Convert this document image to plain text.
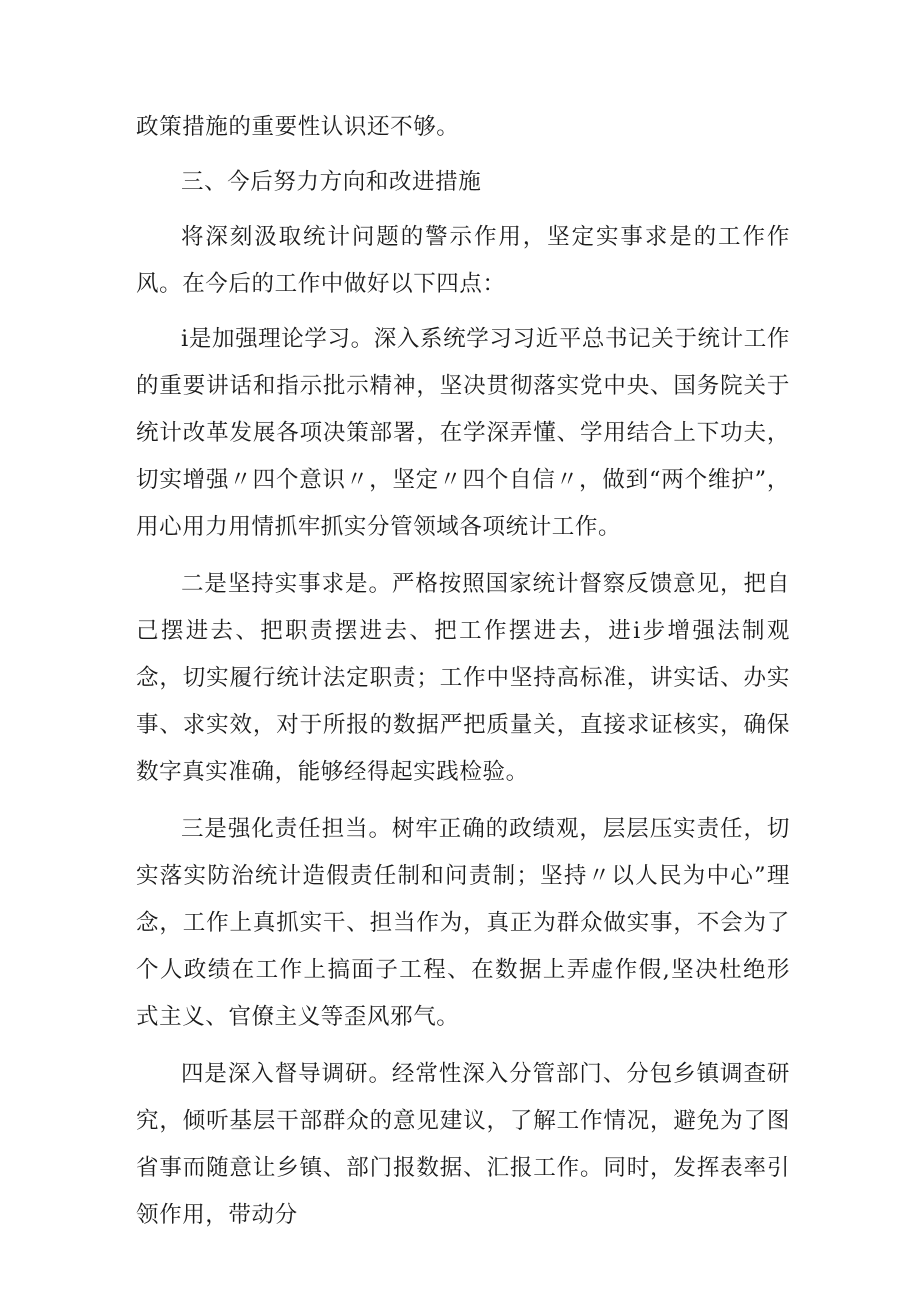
政策措施的重要性认识还不够。

三、今后努力方向和改进措施

将深刻汲取统计问题的警示作用，坚定实事求是的工作作风。在今后的工作中做好以下四点：

i是加强理论学习。深入系统学习习近平总书记关于统计工作的重要讲话和指示批示精神，坚决贯彻落实党中央、国务院关于统计改革发展各项决策部署，在学深弄懂、学用结合上下功夫，切实增强〃四个意识〃，坚定〃四个自信〃，做到“两个维护”，用心用力用情抓牢抓实分管领域各项统计工作。

二是坚持实事求是。严格按照国家统计督察反馈意见，把自己摆进去、把职责摆进去、把工作摆进去，进i步增强法制观念，切实履行统计法定职责；工作中坚持高标准，讲实话、办实事、求实效，对于所报的数据严把质量关，直接求证核实，确保数字真实准确，能够经得起实践检验。

三是强化责任担当。树牢正确的政绩观，层层压实责任，切实落实防治统计造假责任制和问责制；坚持〃以人民为中心”理念，工作上真抓实干、担当作为，真正为群众做实事，不会为了个人政绩在工作上搞面子工程、在数据上弄虚作假,坚决杜绝形式主义、官僚主义等歪风邪气。

四是深入督导调研。经常性深入分管部门、分包乡镇调查研究，倾听基层干部群众的意见建议，了解工作情况，避免为了图省事而随意让乡镇、部门报数据、汇报工作。同时，发挥表率引领作用，带动分
